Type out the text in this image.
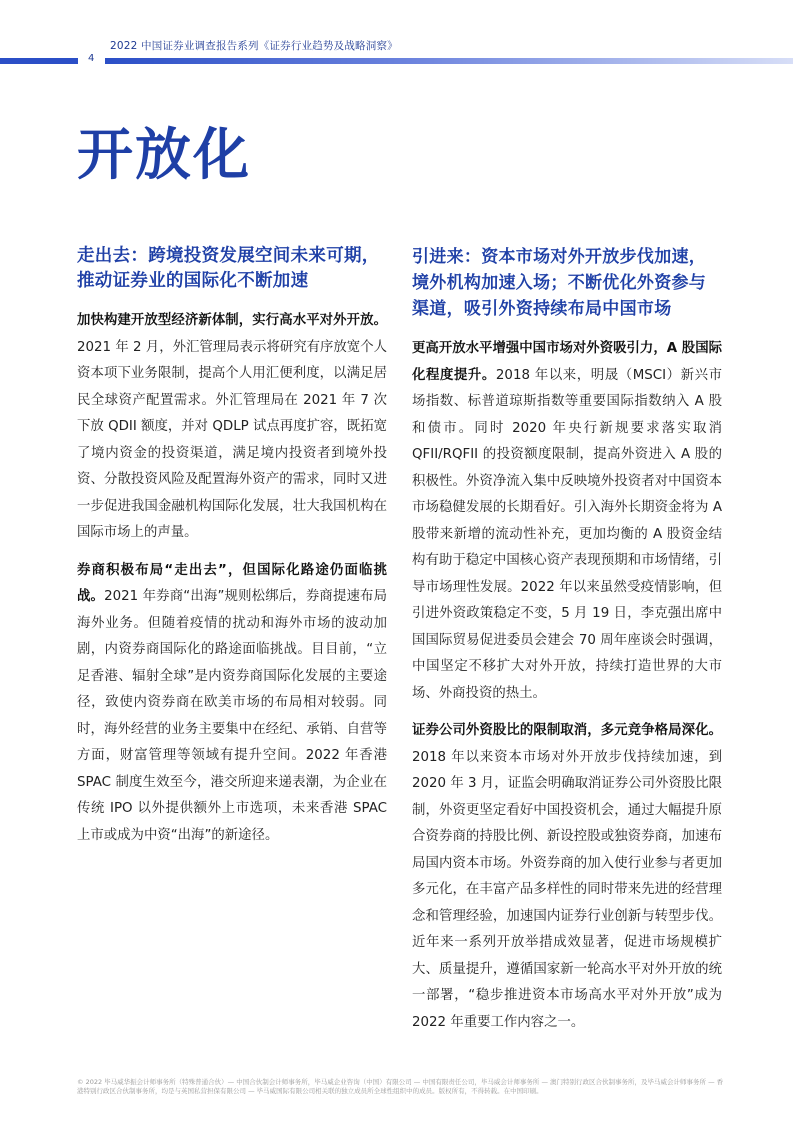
2022 中国证券业调查报告系列《证券行业趋势及战略洞察》
4
开放化
走出去：跨境投资发展空间未来可期，推动证券业的国际化不断加速

加快构建开放型经济新体制，实行高水平对外开放。2021 年 2 月，外汇管理局表示将研究有序放宽个人资本项下业务限制，提高个人用汇便利度，以满足居民全球资产配置需求。外汇管理局在 2021 年 7 次下放 QDII 额度，并对 QDLP 试点再度扩容，既拓宽了境内资金的投资渠道，满足境内投资者到境外投资、分散投资风险及配置海外资产的需求，同时又进一步促进我国金融机构国际化发展，壮大我国机构在国际市场上的声量。

券商积极布局“走出去”，但国际化路途仍面临挑战。2021 年券商“出海”规则松绑后，券商提速布局海外业务。但随着疫情的扰动和海外市场的波动加剧，内资券商国际化的路途面临挑战。目目前，“立足香港、辐射全球”是内资券商国际化发展的主要途径，致使内资券商在欧美市场的布局相对较弱。同时，海外经营的业务主要集中在经纪、承销、自营等方面，财富管理等领域有提升空间。2022 年香港 SPAC 制度生效至今，港交所迎来递表潮，为企业在传统 IPO 以外提供额外上市选项，未来香港 SPAC 上市或成为中资“出海”的新途径。

引进来：资本市场对外开放步伐加速，境外机构加速入场；不断优化外资参与渠道，吸引外资持续布局中国市场

更高开放水平增强中国市场对外资吸引力，A 股国际化程度提升。2018 年以来，明晟（MSCI）新兴市场指数、标普道琼斯指数等重要国际指数纳入 A 股和债市。同时 2020 年央行新规要求落实取消 QFII/RQFII 的投资额度限制，提高外资进入 A 股的积极性。外资净流入集中反映境外投资者对中国资本市场稳健发展的长期看好。引入海外长期资金将为 A 股带来新增的流动性补充，更加均衡的 A 股资金结构有助于稳定中国核心资产表现预期和市场情绪，引导市场理性发展。2022 年以来虽然受疫情影响，但引进外资政策稳定不变，5 月 19 日，李克强出席中国国际贸易促进委员会建会 70 周年座谈会时强调，中国坚定不移扩大对外开放，持续打造世界的大市场、外商投资的热土。

证券公司外资股比的限制取消，多元竞争格局深化。2018 年以来资本市场对外开放步伐持续加速，到 2020 年 3 月，证监会明确取消证券公司外资股比限制，外资更坚定看好中国投资机会，通过大幅提升原合资券商的持股比例、新设控股或独资券商，加速布局国内资本市场。外资券商的加入使行业参与者更加多元化，在丰富产品多样性的同时带来先进的经营理念和管理经验，加速国内证券行业创新与转型步伐。近年来一系列开放举措成效显著，促进市场规模扩大、质量提升，遵循国家新一轮高水平对外开放的统一部署，“稳步推进资本市场高水平对外开放”成为 2022 年重要工作内容之一。

© 2022 毕马威华振会计师事务所（特殊普通合伙）— 中国合伙制会计师事务所，毕马威企业咨询（中国）有限公司 — 中国有限责任公司，毕马威会计师事务所 — 澳门特别行政区合伙制事务所，及毕马威会计师事务所 — 香港特别行政区合伙制事务所，均是与英国私营担保有限公司 — 毕马威国际有限公司相关联的独立成员所全球性组织中的成员。版权所有，不得转载。在中国印刷。
